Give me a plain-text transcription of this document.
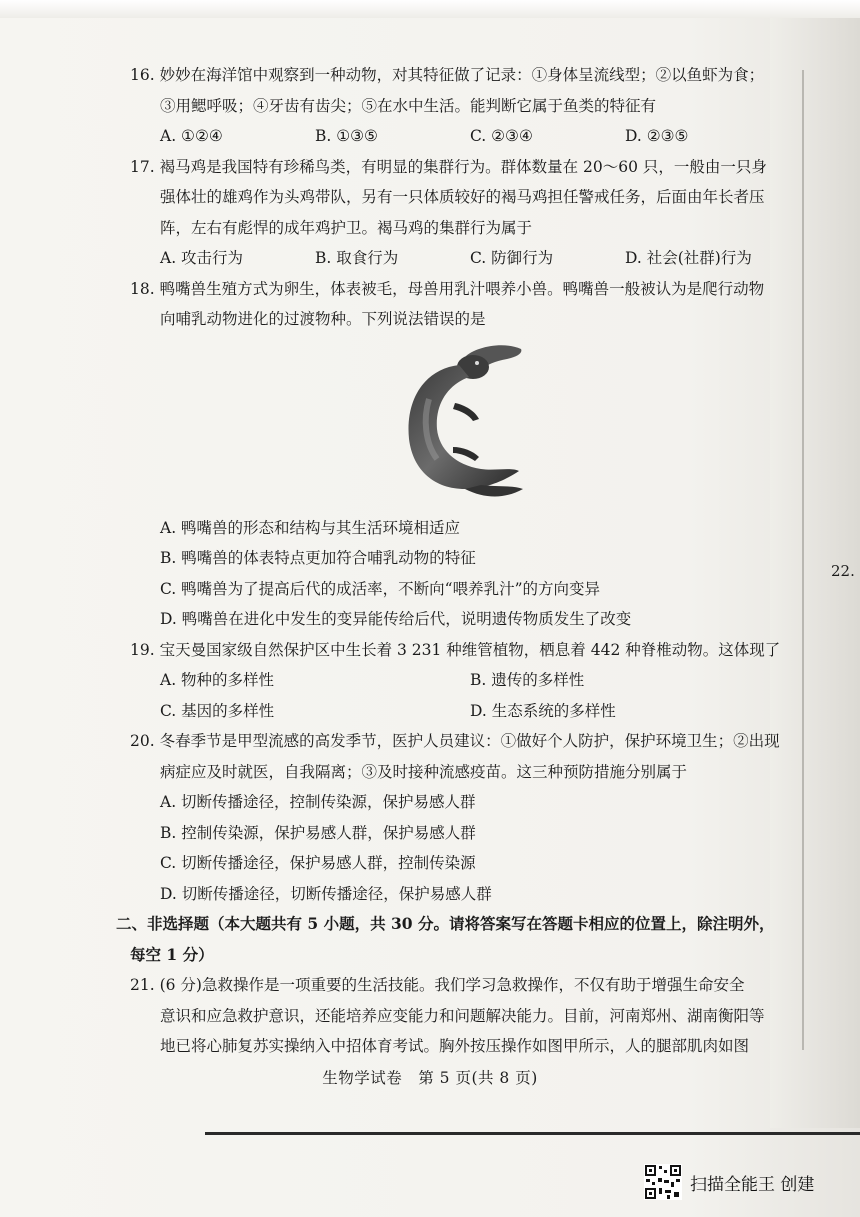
16. 妙妙在海洋馆中观察到一种动物，对其特征做了记录：①身体呈流线型；②以鱼虾为食；
③用鳃呼吸；④牙齿有齿尖；⑤在水中生活。能判断它属于鱼类的特征有
A. ①②④	B. ①③⑤	C. ②③④	D. ②③⑤
17. 褐马鸡是我国特有珍稀鸟类，有明显的集群行为。群体数量在 20～60 只，一般由一只身
强体壮的雄鸡作为头鸡带队，另有一只体质较好的褐马鸡担任警戒任务，后面由年长者压
阵，左右有彪悍的成年鸡护卫。褐马鸡的集群行为属于
A. 攻击行为	B. 取食行为	C. 防御行为	D. 社会(社群)行为
18. 鸭嘴兽生殖方式为卵生，体表被毛，母兽用乳汁喂养小兽。鸭嘴兽一般被认为是爬行动物
向哺乳动物进化的过渡物种。下列说法错误的是
A. 鸭嘴兽的形态和结构与其生活环境相适应
B. 鸭嘴兽的体表特点更加符合哺乳动物的特征
C. 鸭嘴兽为了提高后代的成活率，不断向“喂养乳汁”的方向变异
D. 鸭嘴兽在进化中发生的变异能传给后代，说明遗传物质发生了改变
19. 宝天曼国家级自然保护区中生长着 3 231 种维管植物，栖息着 442 种脊椎动物。这体现了
A. 物种的多样性	B. 遗传的多样性
C. 基因的多样性	D. 生态系统的多样性
20. 冬春季节是甲型流感的高发季节，医护人员建议：①做好个人防护，保护环境卫生；②出现
病症应及时就医，自我隔离；③及时接种流感疫苗。这三种预防措施分别属于
A. 切断传播途径，控制传染源，保护易感人群
B. 控制传染源，保护易感人群，保护易感人群
C. 切断传播途径，保护易感人群，控制传染源
D. 切断传播途径，切断传播途径，保护易感人群
二、非选择题（本大题共有 5 小题，共 30 分。请将答案写在答题卡相应的位置上，除注明外，
每空 1 分）
21. (6 分)急救操作是一项重要的生活技能。我们学习急救操作，不仅有助于增强生命安全
意识和应急救护意识，还能培养应变能力和问题解决能力。目前，河南郑州、湖南衡阳等
地已将心肺复苏实操纳入中招体育考试。胸外按压操作如图甲所示，人的腿部肌肉如图
22.
生物学试卷　第 5 页(共 8 页)
扫描全能王 创建
